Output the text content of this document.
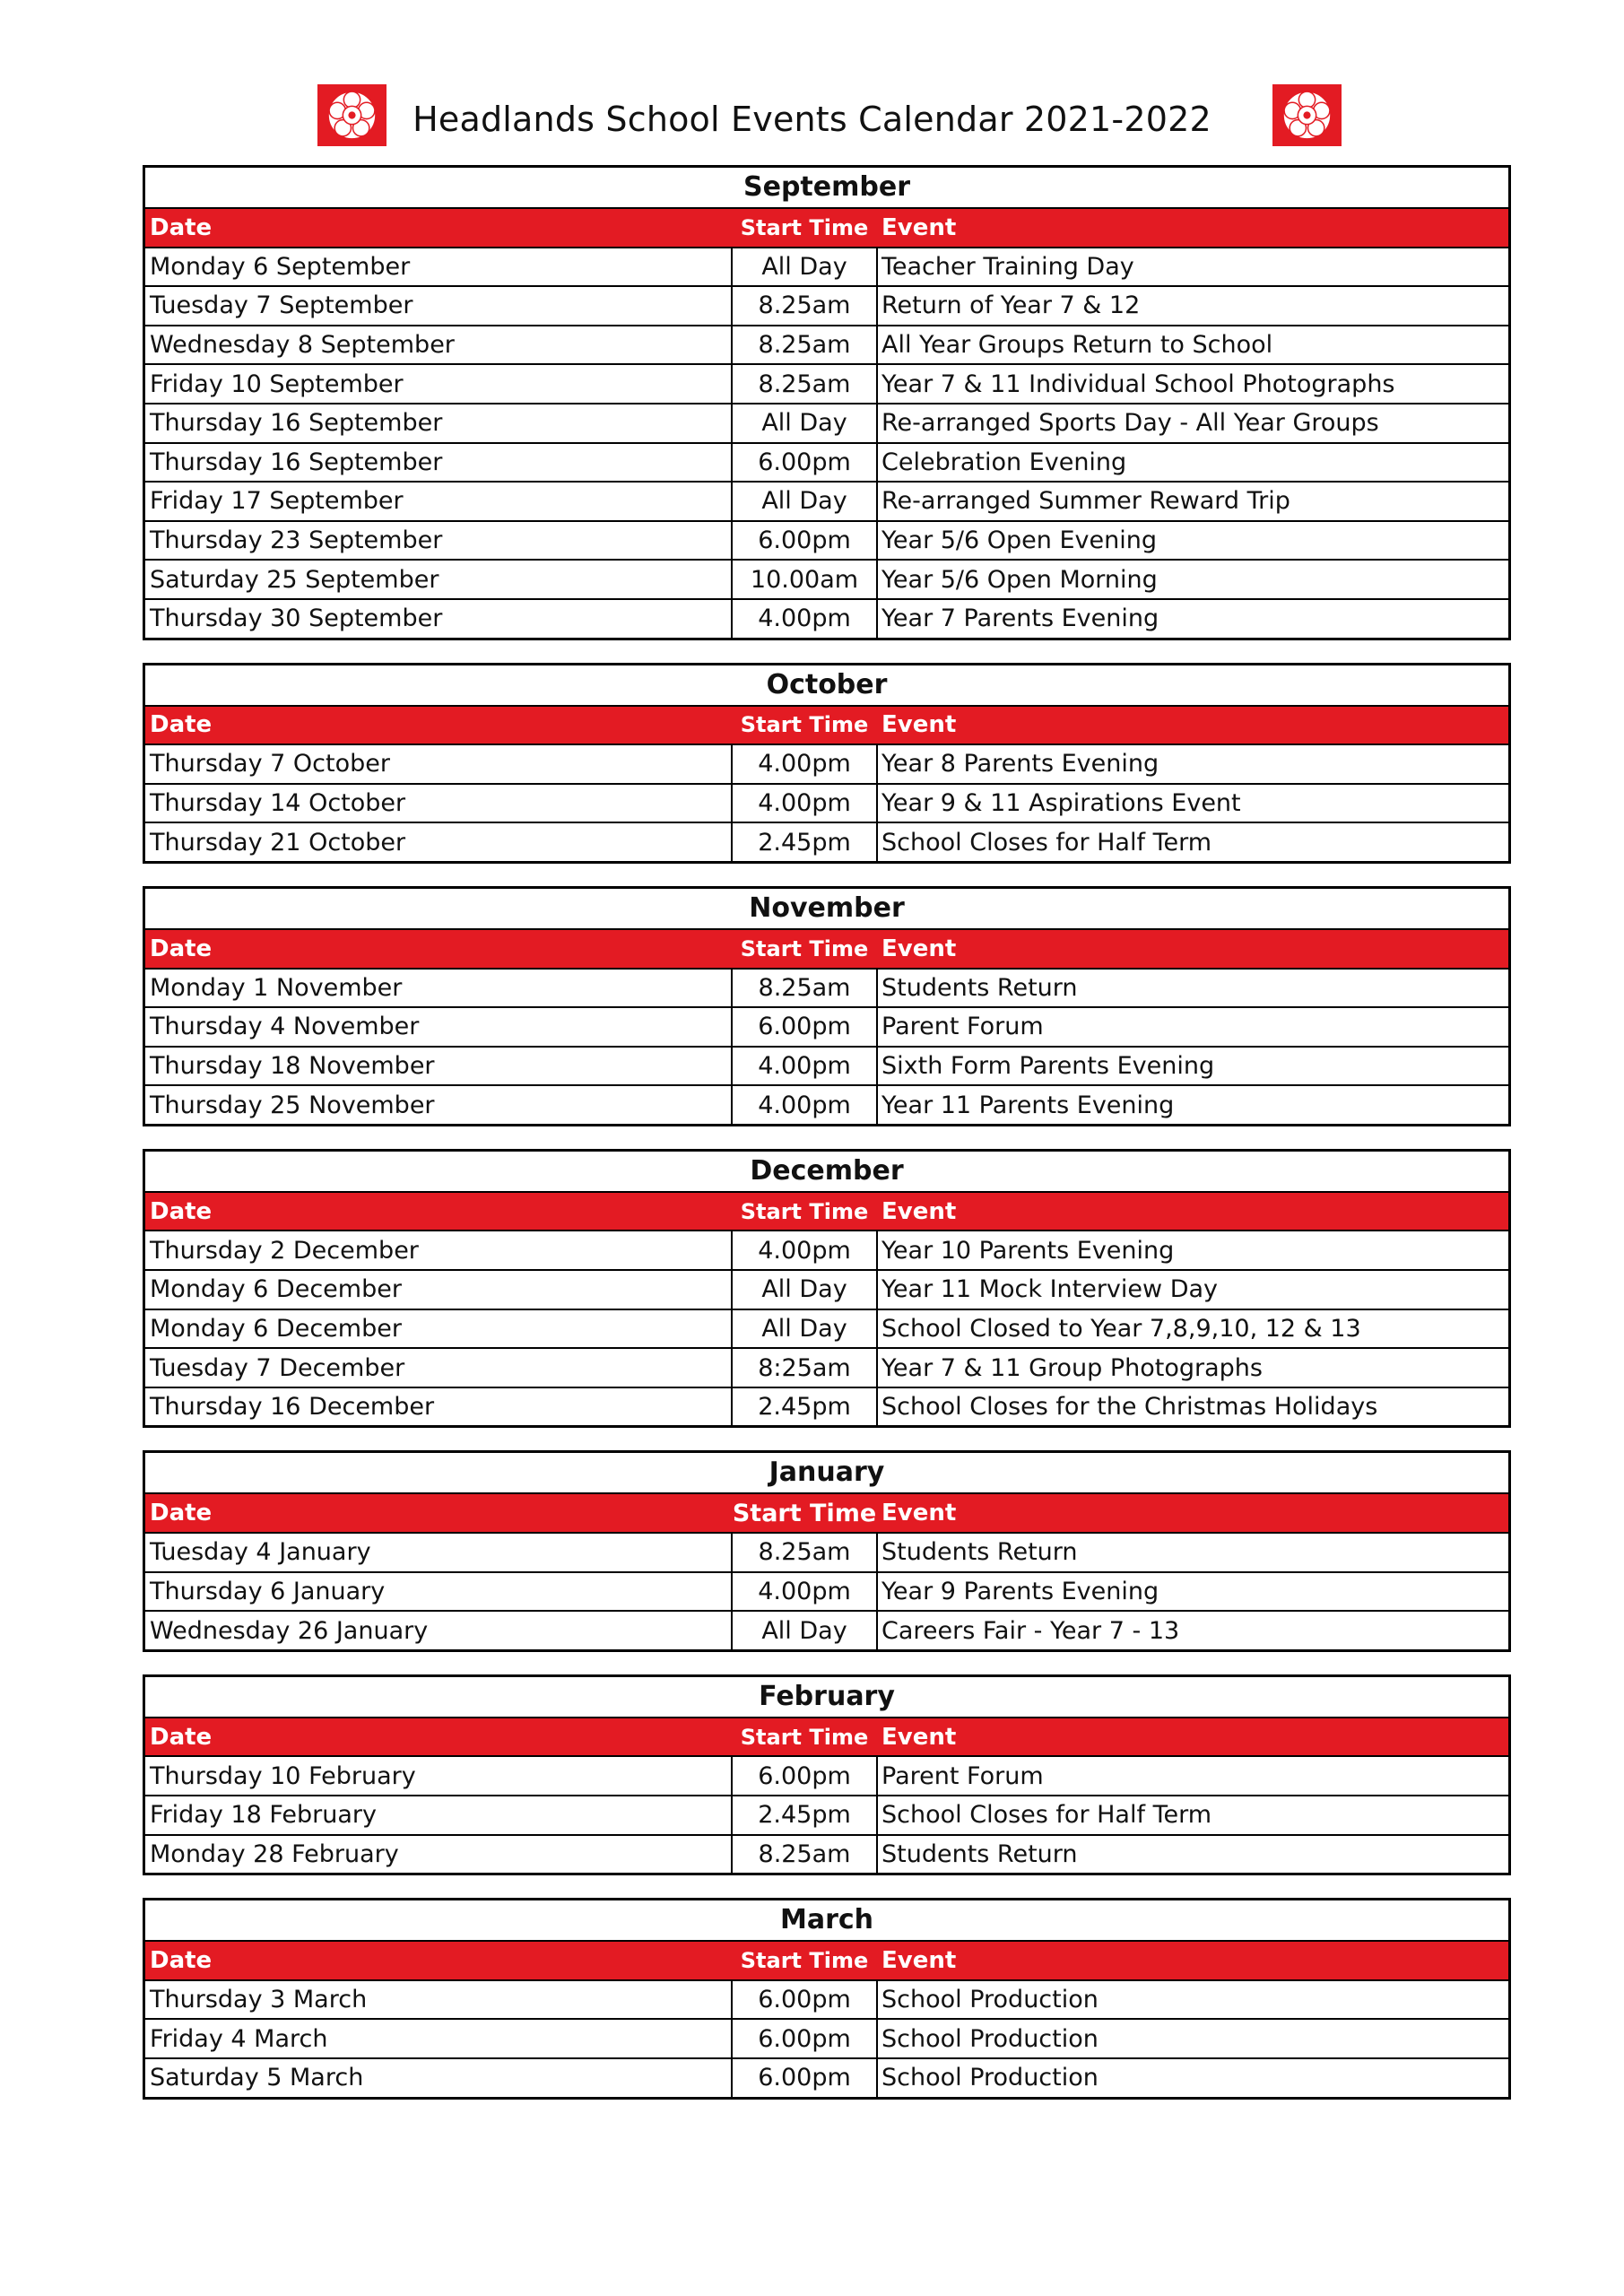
Headlands School Events Calendar 2021-2022
September
Date	Start Time Event
Monday 6 September	All Day	Teacher Training Day
Tuesday 7 September	8.25am	Return of Year 7 & 12
Wednesday 8 September	8.25am	All Year Groups Return to School
Friday 10 September	8.25am	Year 7 & 11 Individual School Photographs
Thursday 16 September	All Day	Re-arranged Sports Day - All Year Groups
Thursday 16 September	6.00pm	Celebration Evening
Friday 17 September	All Day	Re-arranged Summer Reward Trip
Thursday 23 September	6.00pm	Year 5/6 Open Evening
Saturday 25 September	10.00am Year 5/6 Open Morning
Thursday 30 September	4.00pm	Year 7 Parents Evening
October
Date	Start Time Event
Thursday 7 October	4.00pm	Year 8 Parents Evening
Thursday 14 October	4.00pm	Year 9 & 11 Aspirations Event
Thursday 21 October	2.45pm	School Closes for Half Term
November
Date	Start Time Event
Monday 1 November	8.25am	Students Return
Thursday 4 November	6.00pm	Parent Forum
Thursday 18 November	4.00pm	Sixth Form Parents Evening
Thursday 25 November	4.00pm	Year 11 Parents Evening
December
Date	Start Time Event
Thursday 2 December	4.00pm	Year 10 Parents Evening
Monday 6 December	All Day	Year 11 Mock Interview Day
Monday 6 December	All Day	School Closed to Year 7,8,9,10, 12 & 13
Tuesday 7 December	8:25am	Year 7 & 11 Group Photographs
Thursday 16 December	2.45pm	School Closes for the Christmas Holidays
January
Date	Start Time Event
Tuesday 4 January	8.25am	Students Return
Thursday 6 January	4.00pm	Year 9 Parents Evening
Wednesday 26 January	All Day	Careers Fair - Year 7 - 13
February
Date	Start Time Event
Thursday 10 February	6.00pm	Parent Forum
Friday 18 February	2.45pm	School Closes for Half Term
Monday 28 February	8.25am	Students Return
March
Date	Start Time Event
Thursday 3 March	6.00pm	School Production
Friday 4 March	6.00pm	School Production
Saturday 5 March	6.00pm	School Production
